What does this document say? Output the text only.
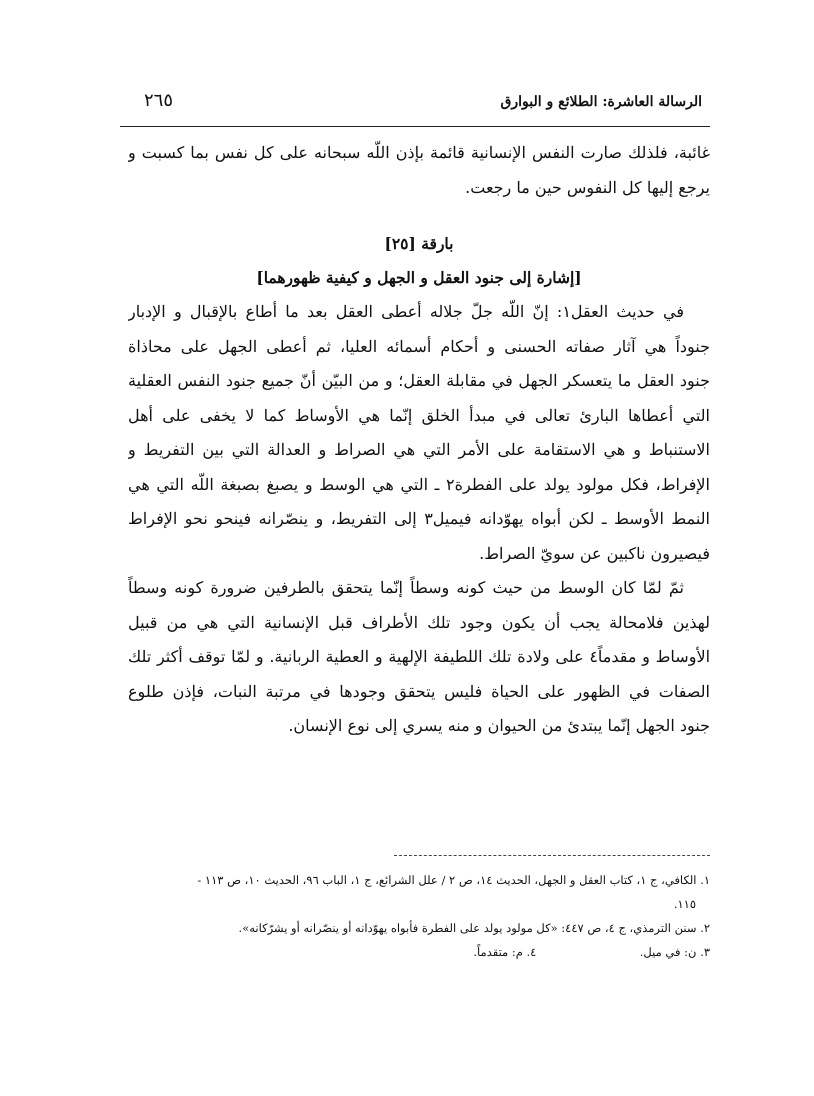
٢٦٥	الرسالة العاشرة: الطلائع و البوارق
غائبة، فلذلك صارت النفس الإنسانية قائمة بإذن اللّه سبحانه على كل نفس بما كسبت و
يرجع إليها كل النفوس حين ما رجعت.
بارقة [٢٥]
[إشارة إلى جنود العقل و الجهل و كيفية ظهورهما]
في حديث العقل١: إنّ اللّه جلّ جلاله أعطى العقل بعد ما أطاع بالإقبال و الإدبار
جنوداً هي آثار صفاته الحسنى و أحكام أسمائه العليا، ثم أعطى الجهل على محاذاة
جنود العقل ما يتعسكر الجهل في مقابلة العقل؛ و من البيّن أنّ جميع جنود النفس العقلية
التي أعطاها البارئ تعالى في مبدأ الخلق إنّما هي الأوساط كما لا يخفى على أهل
الاستنباط و هي الاستقامة على الأمر التي هي الصراط و العدالة التي بين التفريط و
الإفراط، فكل مولود يولد على الفطرة٢ ـ التي هي الوسط و يصبغ بصبغة اللّه التي هي
النمط الأوسط ـ لكن أبواه يهوّدانه فيميل٣ إلى التفريط، و ينصّرانه فينحو نحو الإفراط
فيصيرون ناكبين عن سويّ الصراط.
ثمّ لمّا كان الوسط من حيث كونه وسطاً إنّما يتحقق بالطرفين ضرورة كونه وسطاً
لهذين فلامحالة يجب أن يكون وجود تلك الأطراف قبل الإنسانية التي هي من قبيل
الأوساط و مقدماً٤ على ولادة تلك اللطيفة الإلهية و العطية الربانية. و لمّا توقف أكثر تلك
الصفات في الظهور على الحياة فليس يتحقق وجودها في مرتبة النبات، فإذن طلوع
جنود الجهل إنّما يبتدئ من الحيوان و منه يسري إلى نوع الإنسان.
١. الكافي، ج ١، كتاب العقل و الجهل، الحديث ١٤، ص ٢ / علل الشرائع، ج ١، الباب ٩٦، الحديث ١٠، ص ١١٣ -
١١٥.
٢. سنن الترمذي، ج ٤، ص ٤٤٧: «كل مولود يولد على الفطرة فأبواه يهوّدانه أو ينصّرانه أو يشرّكانه».
٣. ن: في ميل. ٤. م: متقدماً.
